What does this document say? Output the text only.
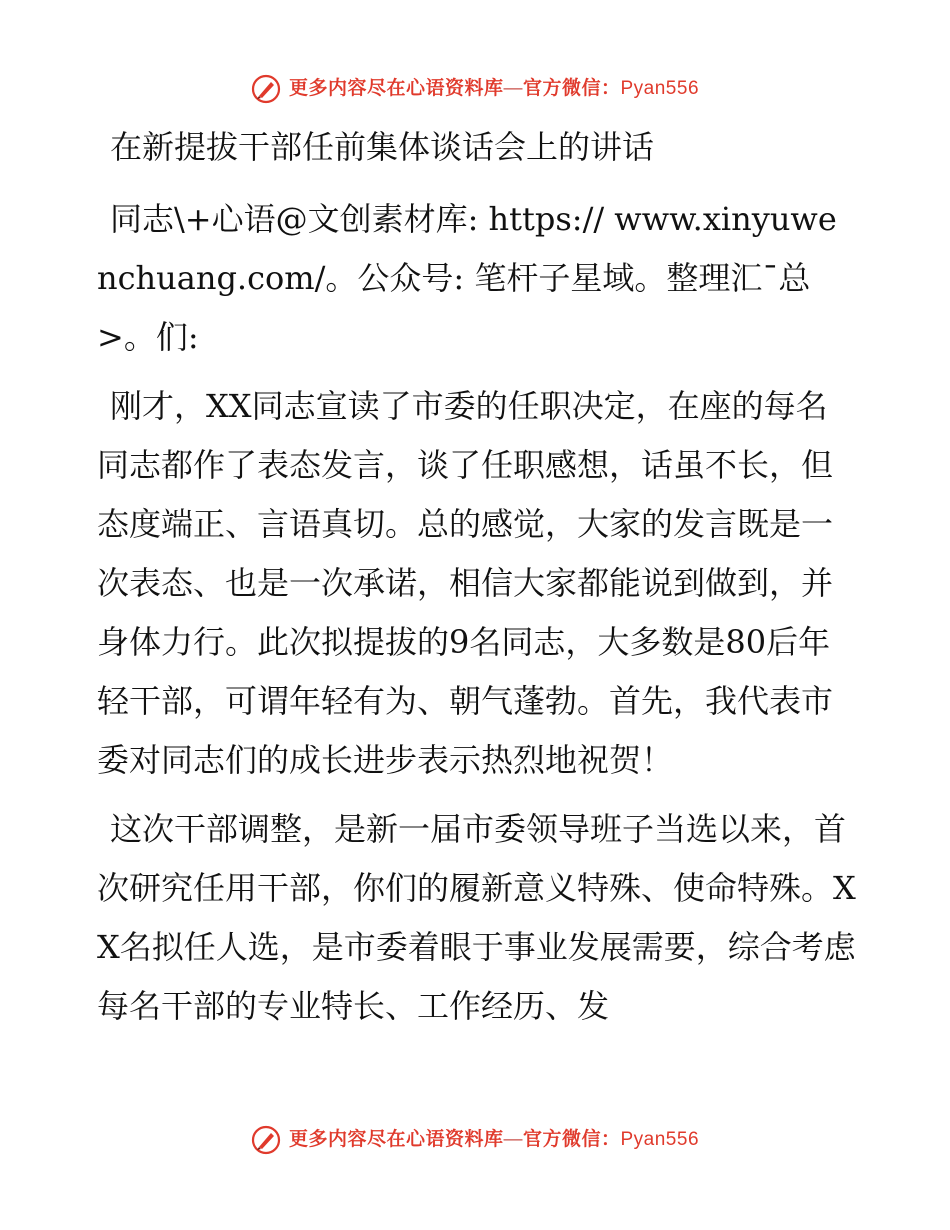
更多内容尽在心语资料库—官方微信：Pyan556
在新提拔干部任前集体谈话会上的讲话

同志\+心语@文创素材库: https:// www.xinyuwenchuang.com/。公众号: 笔杆子星域。整理汇¯总>。们:

刚才，XX同志宣读了市委的任职决定，在座的每名同志都作了表态发言，谈了任职感想，话虽不长，但态度端正、言语真切。总的感觉，大家的发言既是一次表态、也是一次承诺，相信大家都能说到做到，并身体力行。此次拟提拔的9名同志，大多数是80后年轻干部，可谓年轻有为、朝气蓬勃。首先，我代表市委对同志们的成长进步表示热烈地祝贺！

这次干部调整，是新一届市委领导班子当选以来，首次研究任用干部，你们的履新意义特殊、使命特殊。XX名拟任人选，是市委着眼于事业发展需要，综合考虑每名干部的专业特长、工作经历、发

更多内容尽在心语资料库—官方微信：Pyan556
